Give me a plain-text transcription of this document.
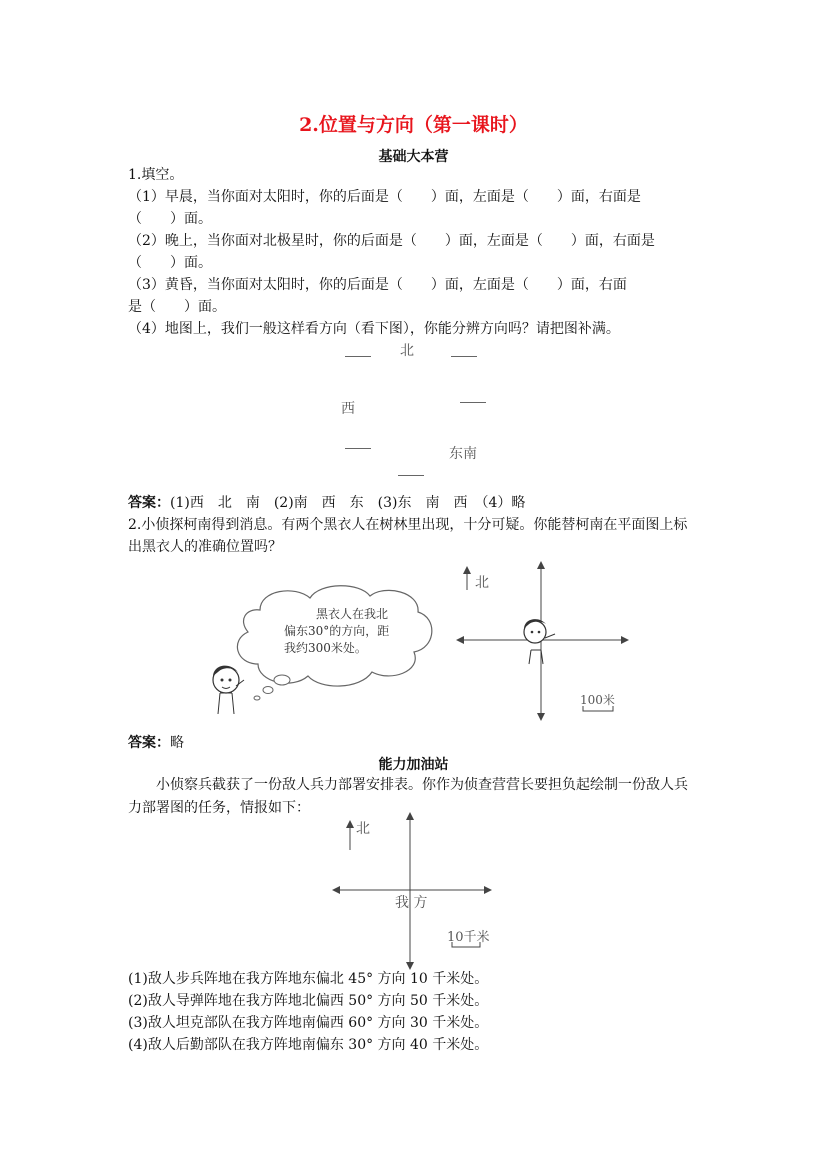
2.位置与方向（第一课时）
基础大本营
1.填空。
（1）早晨，当你面对太阳时，你的后面是（　　）面，左面是（　　）面，右面是
（　　）面。
（2）晚上，当你面对北极星时，你的后面是（　　）面，左面是（　　）面，右面是
（　　）面。
（3）黄昏，当你面对太阳时，你的后面是（　　）面，左面是（　　）面，右面
是（　　）面。
（4）地图上，我们一般这样看方向（看下图），你能分辨方向吗？请把图补满。
北
西
东南
答案：(1)西　北　南　(2)南　西　东　(3)东　南　西　（4）略
2.小侦探柯南得到消息。有两个黑衣人在树林里出现，十分可疑。你能替柯南在平面图上标
出黑衣人的准确位置吗？
黑衣人在我北
偏东30°的方向，距
我约300米处。
北
100米
答案：略
能力加油站
小侦察兵截获了一份敌人兵力部署安排表。你作为侦查营营长要担负起绘制一份敌人兵
力部署图的任务，情报如下：
北
我 方
10千米
(1)敌人步兵阵地在我方阵地东偏北 45° 方向 10 千米处。
(2)敌人导弹阵地在我方阵地北偏西 50° 方向 50 千米处。
(3)敌人坦克部队在我方阵地南偏西 60° 方向 30 千米处。
(4)敌人后勤部队在我方阵地南偏东 30° 方向 40 千米处。
